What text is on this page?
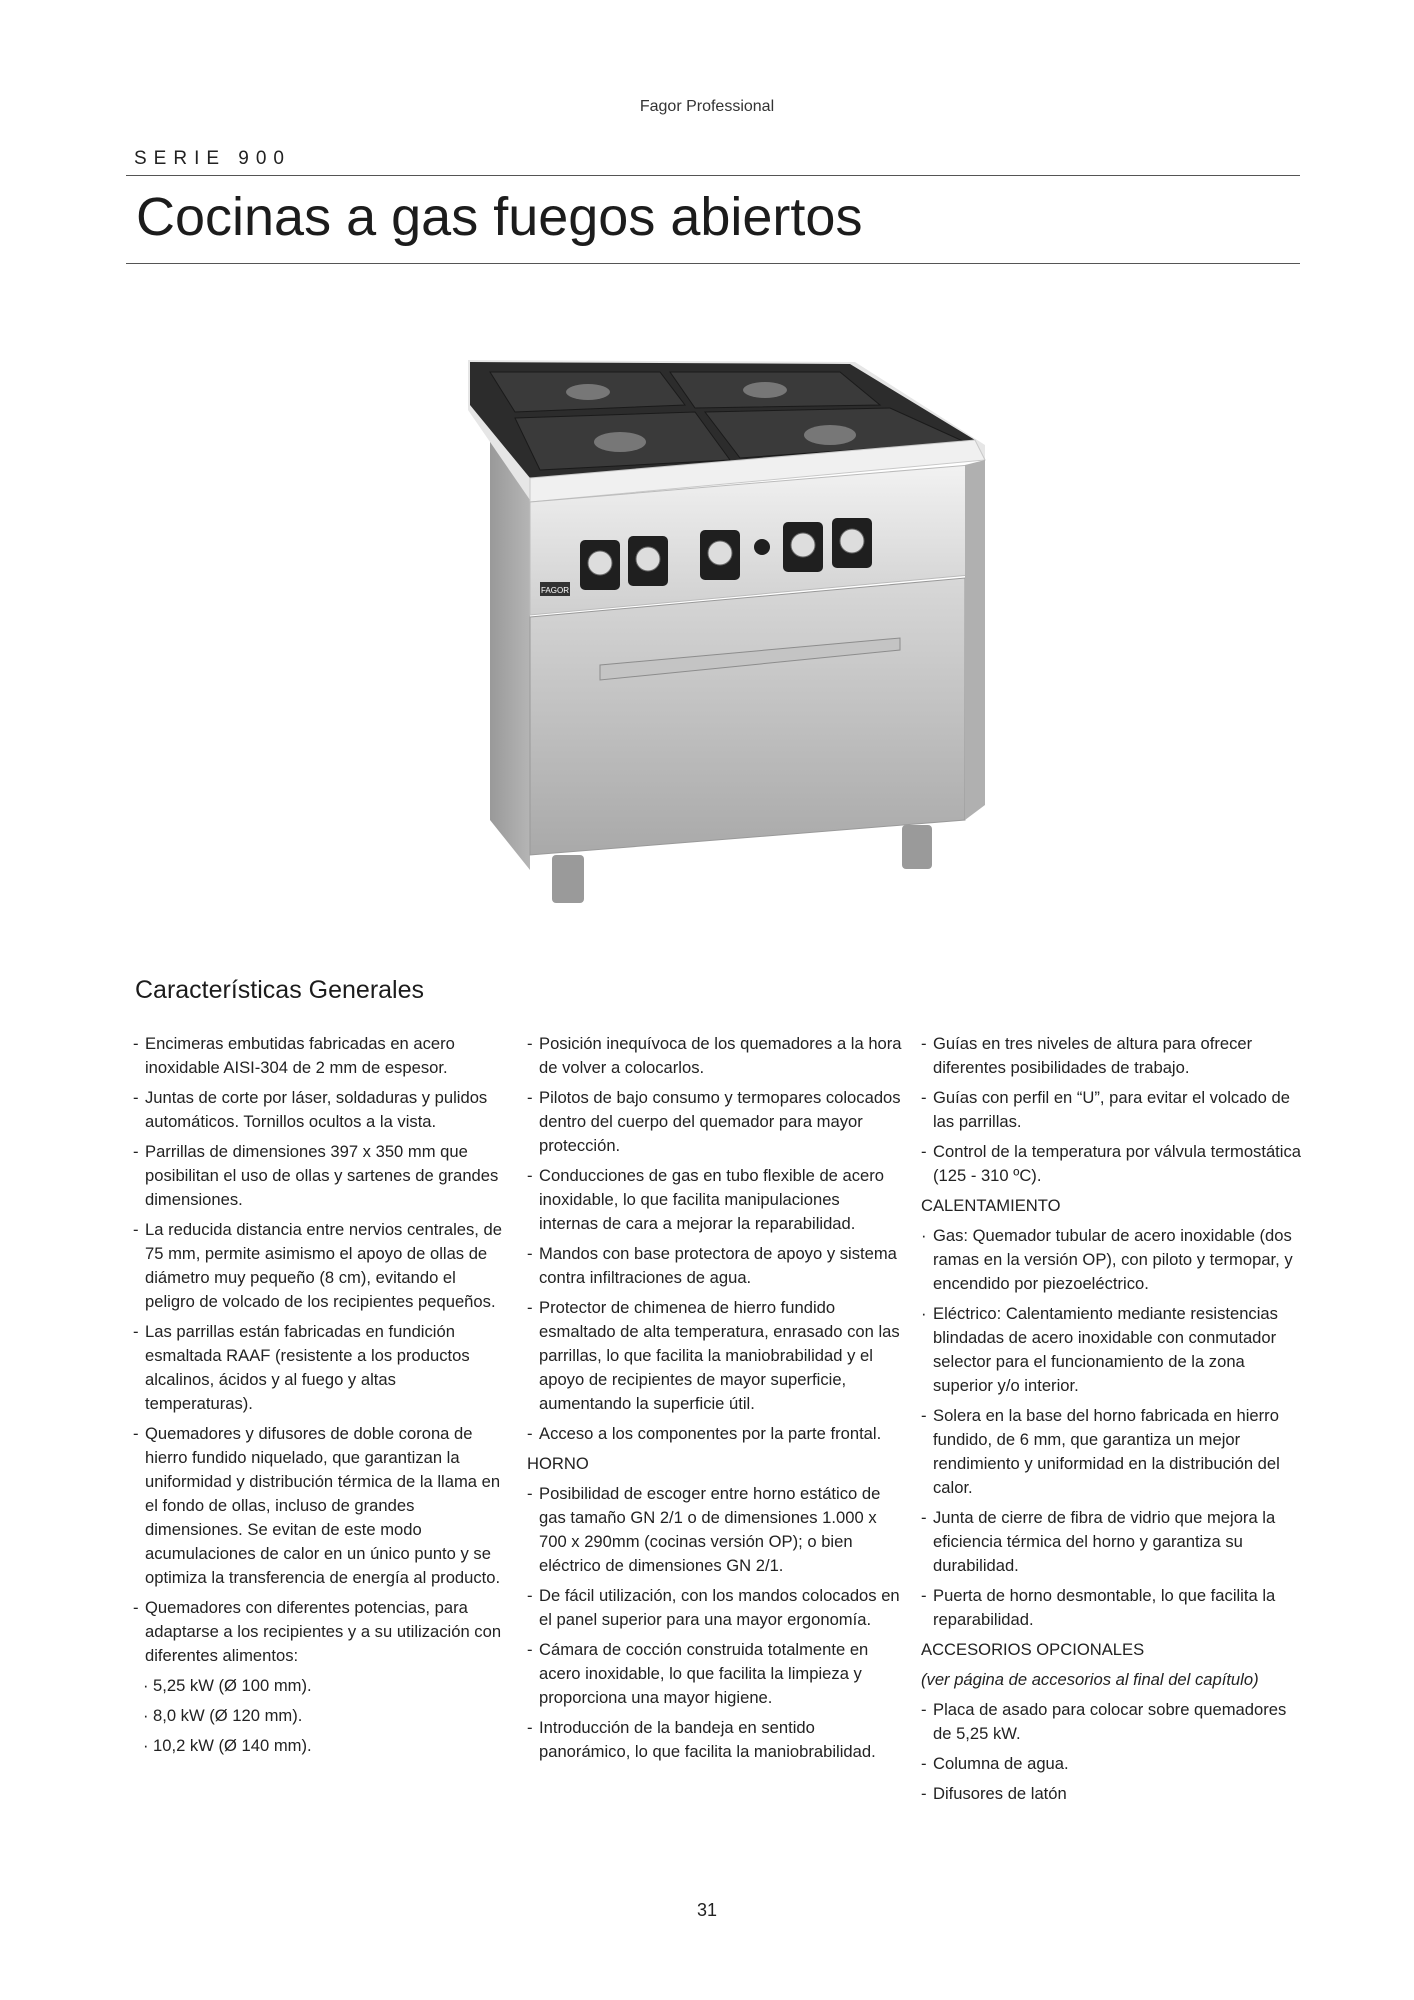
Fagor Professional
SERIE 900
Cocinas a gas fuegos abiertos
FAGOR
Características Generales
- Encimeras embutidas fabricadas en acero inoxidable AISI-304 de 2 mm de espesor.
- Juntas de corte por láser, soldaduras y pulidos automáticos. Tornillos ocultos a la vista.
- Parrillas de dimensiones 397 x 350 mm que posibilitan el uso de ollas y sartenes de grandes dimensiones.
- La reducida distancia entre nervios centrales, de 75 mm, permite asimismo el apoyo de ollas de diámetro muy pequeño (8 cm), evitando el peligro de volcado de los recipientes pequeños.
- Las parrillas están fabricadas en fundición esmaltada RAAF (resistente a los productos alcalinos, ácidos y al fuego y altas temperaturas).
- Quemadores y difusores de doble corona de hierro fundido niquelado, que garantizan la uniformidad y distribución térmica de la llama en el fondo de ollas, incluso de grandes dimensiones. Se evitan de este modo acumulaciones de calor en un único punto y se optimiza la transferencia de energía al producto.
- Quemadores con diferentes potencias, para adaptarse a los recipientes y a su utilización con diferentes alimentos:
· 5,25 kW (Ø 100 mm).
· 8,0 kW (Ø 120 mm).
· 10,2 kW (Ø 140 mm).
- Posición inequívoca de los quemadores a la hora de volver a colocarlos.
- Pilotos de bajo consumo y termopares colocados dentro del cuerpo del quemador para mayor protección.
- Conducciones de gas en tubo flexible de acero inoxidable, lo que facilita manipulaciones internas de cara a mejorar la reparabilidad.
- Mandos con base protectora de apoyo y sistema contra infiltraciones de agua.
- Protector de chimenea de hierro fundido esmaltado de alta temperatura, enrasado con las parrillas, lo que facilita la maniobrabilidad y el apoyo de recipientes de mayor superficie, aumentando la superficie útil.
- Acceso a los componentes por la parte frontal.
HORNO
- Posibilidad de escoger entre horno estático de gas tamaño GN 2/1 o de dimensiones 1.000 x 700 x 290mm (cocinas versión OP); o bien eléctrico de dimensiones GN 2/1.
- De fácil utilización, con los mandos colocados en el panel superior para una mayor ergonomía.
- Cámara de cocción construida totalmente en acero inoxidable, lo que facilita la limpieza y proporciona una mayor higiene.
- Introducción de la bandeja en sentido panorámico, lo que facilita la maniobrabilidad.
- Guías en tres niveles de altura para ofrecer diferentes posibilidades de trabajo.
- Guías con perfil en “U”, para evitar el volcado de las parrillas.
- Control de la temperatura por válvula termostática (125 - 310 ºC).
CALENTAMIENTO
· Gas: Quemador tubular de acero inoxidable (dos ramas en la versión OP), con piloto y termopar, y encendido por piezoeléctrico.
· Eléctrico: Calentamiento mediante resistencias blindadas de acero inoxidable con conmutador selector para el funcionamiento de la zona superior y/o interior.
- Solera en la base del horno fabricada en hierro fundido, de 6 mm, que garantiza un mejor rendimiento y uniformidad en la distribución del calor.
- Junta de cierre de fibra de vidrio que mejora la eficiencia térmica del horno y garantiza su durabilidad.
- Puerta de horno desmontable, lo que facilita la reparabilidad.
ACCESORIOS OPCIONALES
(ver página de accesorios al final del capítulo)
- Placa de asado para colocar sobre quemadores de 5,25 kW.
- Columna de agua.
- Difusores de latón
31
